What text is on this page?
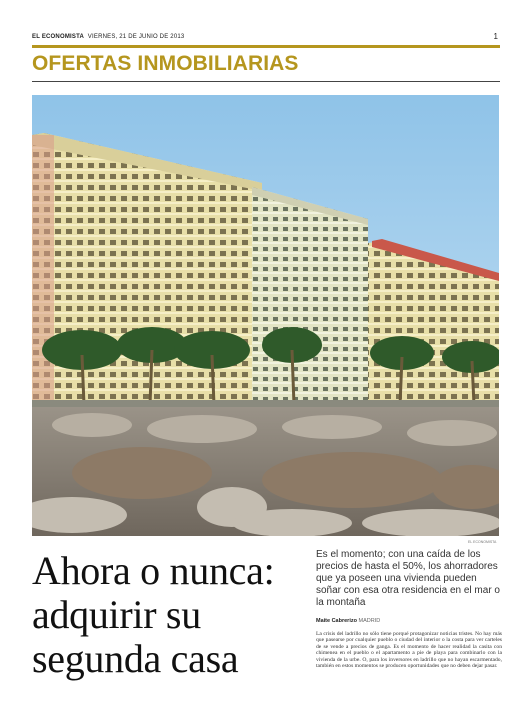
EL ECONOMISTA VIERNES, 21 DE JUNIO DE 2013	1
OFERTAS INMOBILIARIAS
EL ECONOMISTA
Ahora o nunca:
adquirir su
segunda casa
Es el momento; con una caída de los precios de hasta el 50%, los ahorradores que ya poseen una vivienda pueden soñar con esa otra residencia en el mar o la montaña
Maite Cabrerizo MADRID
La crisis del ladrillo no sólo tiene porqué protagonizar noticias tristes. No hay más que pasearse por cualquier pueblo o ciudad del interior o la costa para ver carteles de se vende a precios de ganga. Es el momento de hacer realidad la casita con chimenea en el pueblo o el apartamento a pie de playa para combinarlo con la vivienda de la urbe. O, para los inversores en ladrillo que no hayan escarmentado, también en estos momentos se producen oportunidades que no deben dejar pasar.
